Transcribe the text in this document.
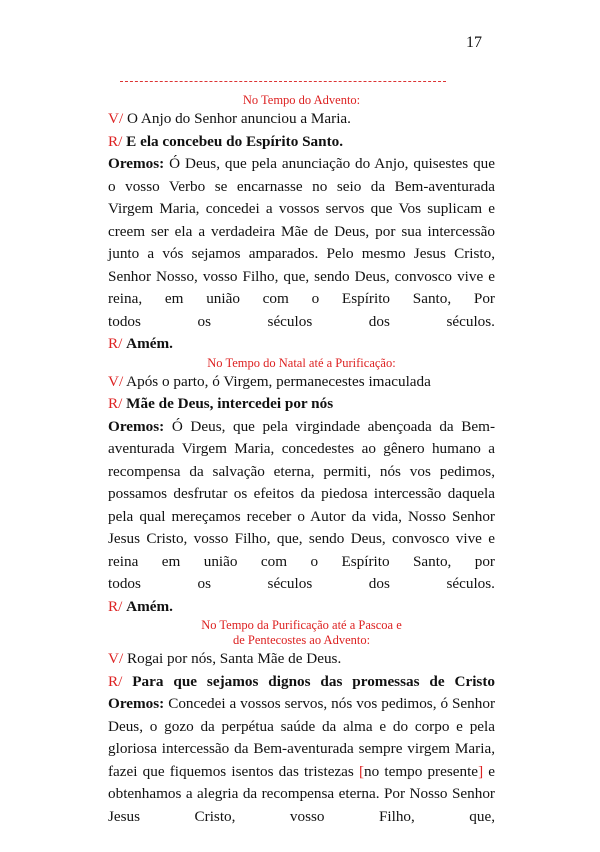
17
No Tempo do Advento:
V/ O Anjo do Senhor anunciou a Maria.
R/ E ela concebeu do Espírito Santo.
Oremos: Ó Deus, que pela anunciação do Anjo, quisestes que o vosso Verbo se encarnasse no seio da Bem-aventurada Virgem Maria, concedei a vossos servos que Vos suplicam e creem ser ela a verdadeira Mãe de Deus, por sua intercessão junto a vós sejamos amparados. Pelo mesmo Jesus Cristo, Senhor Nosso, vosso Filho, que, sendo Deus, convosco vive e reina, em união com o Espírito Santo, Por
todos	os	séculos	dos	séculos.
R/ Amém.
No Tempo do Natal até a Purificação:
V/ Após o parto, ó Virgem, permanecestes imaculada
R/ Mãe de Deus, intercedei por nós
Oremos: Ó Deus, que pela virgindade abençoada da Bem-aventurada Virgem Maria, concedestes ao gênero humano a recompensa da salvação eterna, permiti, nós vos pedimos, possamos desfrutar os efeitos da piedosa intercessão daquela pela qual mereçamos receber o Autor da vida, Nosso Senhor Jesus Cristo, vosso Filho, que, sendo Deus, convosco vive e reina em união com o Espírito Santo, por
todos	os	séculos	dos	séculos.
R/ Amém.
No Tempo da Purificação até a Pascoa e
de Pentecostes ao Advento:
V/ Rogai por nós, Santa Mãe de Deus.
R/ Para que sejamos dignos das promessas de Cristo
Oremos: Concedei a vossos servos, nós vos pedimos, ó Senhor Deus, o gozo da perpétua saúde da alma e do corpo e pela gloriosa intercessão da Bem-aventurada sempre virgem Maria, fazei que fiquemos isentos das tristezas [no tempo presente] e obtenhamos a alegria da recompensa eterna. Por Nosso Senhor Jesus Cristo, vosso Filho, que,
